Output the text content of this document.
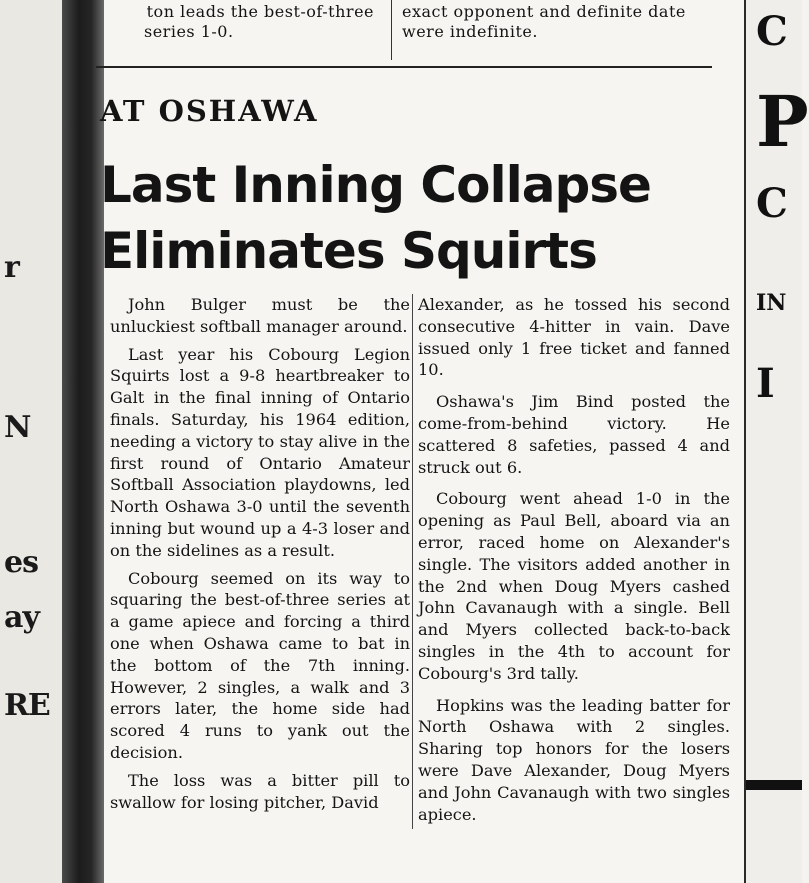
r
N
es
ay
RE
C
P
C
IN
I
ton leads the best-of-three
series 1-0.
exact opponent and definite date
were indefinite.
AT OSHAWA
Last Inning Collapse
Eliminates Squirts

John Bulger must be the unluckiest softball manager around.

Last year his Cobourg Legion Squirts lost a 9-8 heartbreaker to Galt in the final inning of Ontario finals. Saturday, his 1964 edition, needing a victory to stay alive in the first round of Ontario Amateur Softball Association playdowns, led North Oshawa 3-0 until the seventh inning but wound up a 4-3 loser and on the sidelines as a result.

Cobourg seemed on its way to squaring the best-of-three series at a game apiece and forcing a third one when Oshawa came to bat in the bottom of the 7th inning. However, 2 singles, a walk and 3 errors later, the home side had scored 4 runs to yank out the decision.

The loss was a bitter pill to swallow for losing pitcher, David

Alexander, as he tossed his second consecutive 4-hitter in vain. Dave issued only 1 free ticket and fanned 10.

Oshawa's Jim Bind posted the come-from-behind victory. He scattered 8 safeties, passed 4 and struck out 6.

Cobourg went ahead 1-0 in the opening as Paul Bell, aboard via an error, raced home on Alexander's single. The visitors added another in the 2nd when Doug Myers cashed John Cavanaugh with a single. Bell and Myers collected back-to-back singles in the 4th to account for Cobourg's 3rd tally.

Hopkins was the leading batter for North Oshawa with 2 singles. Sharing top honors for the losers were Dave Alexander, Doug Myers and John Cavanaugh with two singles apiece.
